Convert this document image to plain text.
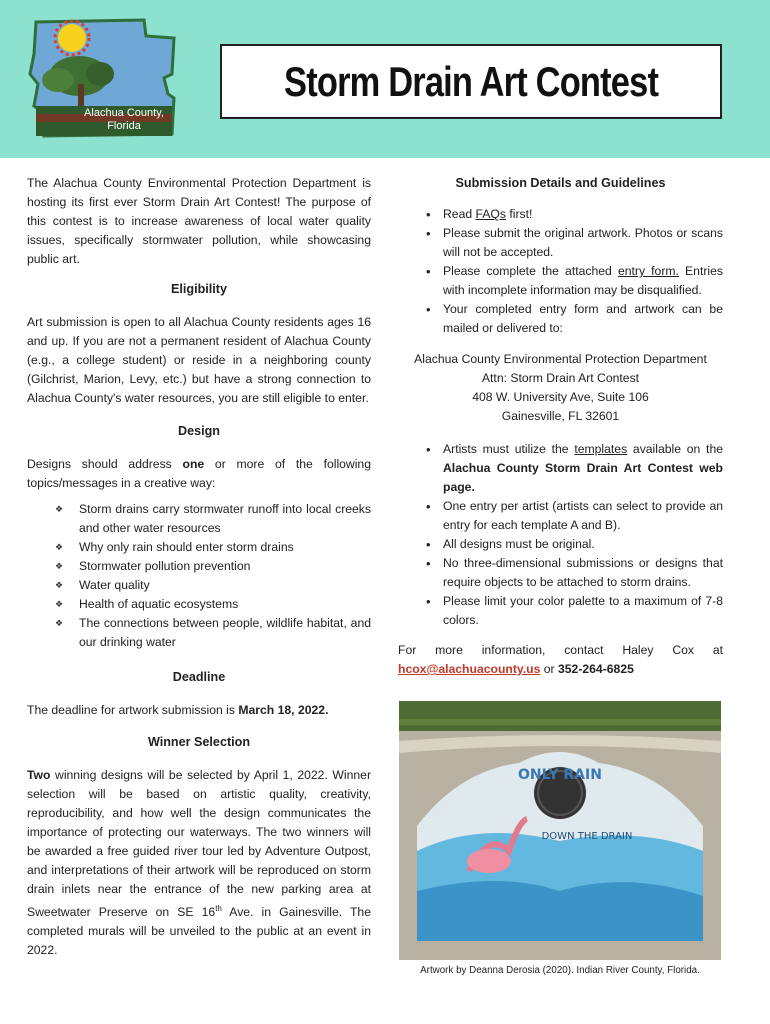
Alachua County,
Florida
Storm Drain Art Contest

The Alachua County Environmental Protection Department is hosting its first ever Storm Drain Art Contest! The purpose of this contest is to increase awareness of local water quality issues, specifically stormwater pollution, while showcasing public art.

Eligibility

Art submission is open to all Alachua County residents ages 16 and up. If you are not a permanent resident of Alachua County (e.g., a college student) or reside in a neighboring county (Gilchrist, Marion, Levy, etc.) but have a strong connection to Alachua County's water resources, you are still eligible to enter.

Design

Designs should address one or more of the following topics/messages in a creative way:

❖ Storm drains carry stormwater runoff into local creeks and other water resources
❖ Why only rain should enter storm drains
❖ Stormwater pollution prevention
❖ Water quality
❖ Health of aquatic ecosystems
❖ The connections between people, wildlife habitat, and our drinking water

Deadline

The deadline for artwork submission is March 18, 2022.

Winner Selection

Two winning designs will be selected by April 1, 2022. Winner selection will be based on artistic quality, creativity, reproducibility, and how well the design communicates the importance of protecting our waterways. The two winners will be awarded a free guided river tour led by Adventure Outpost, and interpretations of their artwork will be reproduced on storm drain inlets near the entrance of the new parking area at Sweetwater Preserve on SE 16th Ave. in Gainesville. The completed murals will be unveiled to the public at an event in 2022.

Submission Details and Guidelines

• Read FAQs first!
• Please submit the original artwork. Photos or scans will not be accepted.
• Please complete the attached entry form. Entries with incomplete information may be disqualified.
• Your completed entry form and artwork can be mailed or delivered to:

Alachua County Environmental Protection Department

Attn: Storm Drain Art Contest

408 W. University Ave, Suite 106

Gainesville, FL 32601

• Artists must utilize the templates available on the Alachua County Storm Drain Art Contest web page.
• One entry per artist (artists can select to provide an entry for each template A and B).
• All designs must be original.
• No three-dimensional submissions or designs that require objects to be attached to storm drains.
• Please limit your color palette to a maximum of 7-8 colors.

For more information, contact Haley Cox at

hcox@alachuacounty.us or 352-264-6825

ONLY RAIN
DOWN THE DRAIN

Artwork by Deanna Derosia (2020). Indian River County, Florida.
